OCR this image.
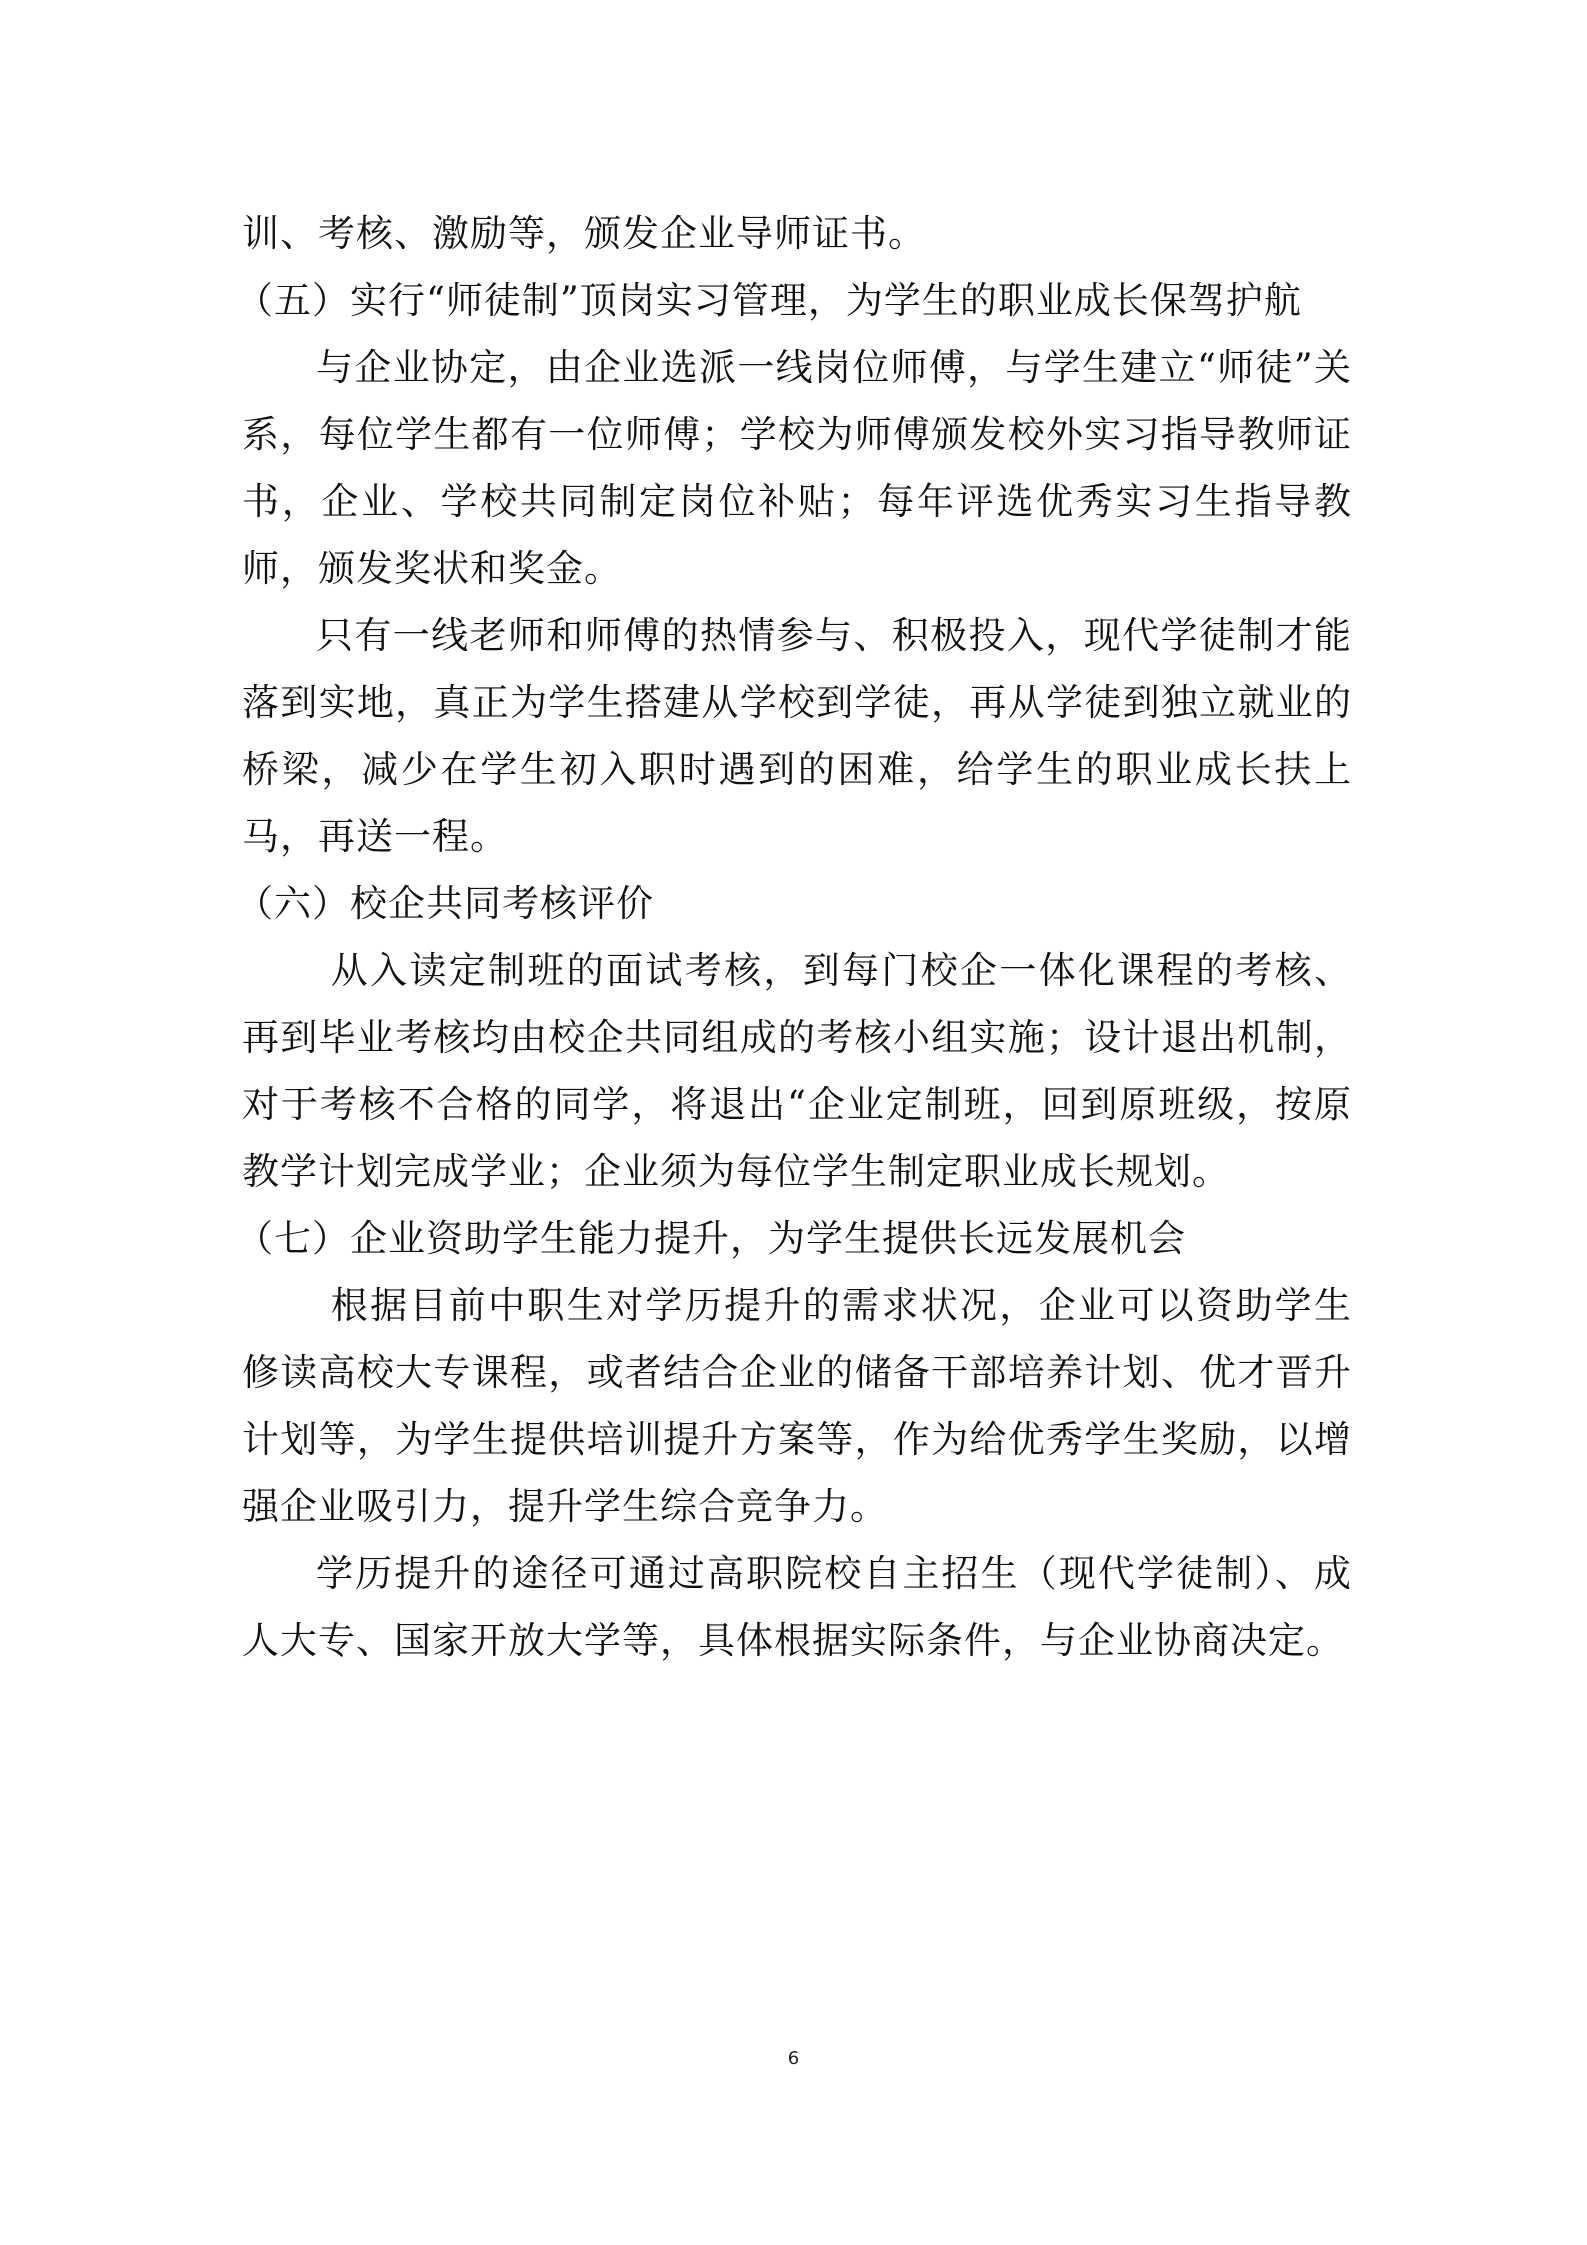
训、考核、激励等，颁发企业导师证书。

（五）实行“师徒制”顶岗实习管理，为学生的职业成长保驾护航

与企业协定，由企业选派一线岗位师傅，与学生建立“师徒”关系，每位学生都有一位师傅；学校为师傅颁发校外实习指导教师证书，企业、学校共同制定岗位补贴；每年评选优秀实习生指导教师，颁发奖状和奖金。

只有一线老师和师傅的热情参与、积极投入，现代学徒制才能落到实地，真正为学生搭建从学校到学徒，再从学徒到独立就业的桥梁，减少在学生初入职时遇到的困难，给学生的职业成长扶上马，再送一程。

（六）校企共同考核评价

从入读定制班的面试考核，到每门校企一体化课程的考核、再到毕业考核均由校企共同组成的考核小组实施；设计退出机制，对于考核不合格的同学，将退出“企业定制班，回到原班级，按原教学计划完成学业；企业须为每位学生制定职业成长规划。

（七）企业资助学生能力提升，为学生提供长远发展机会

根据目前中职生对学历提升的需求状况，企业可以资助学生修读高校大专课程，或者结合企业的储备干部培养计划、优才晋升计划等，为学生提供培训提升方案等，作为给优秀学生奖励，以增强企业吸引力，提升学生综合竞争力。

学历提升的途径可通过高职院校自主招生（现代学徒制）、成人大专、国家开放大学等，具体根据实际条件，与企业协商决定。

6
